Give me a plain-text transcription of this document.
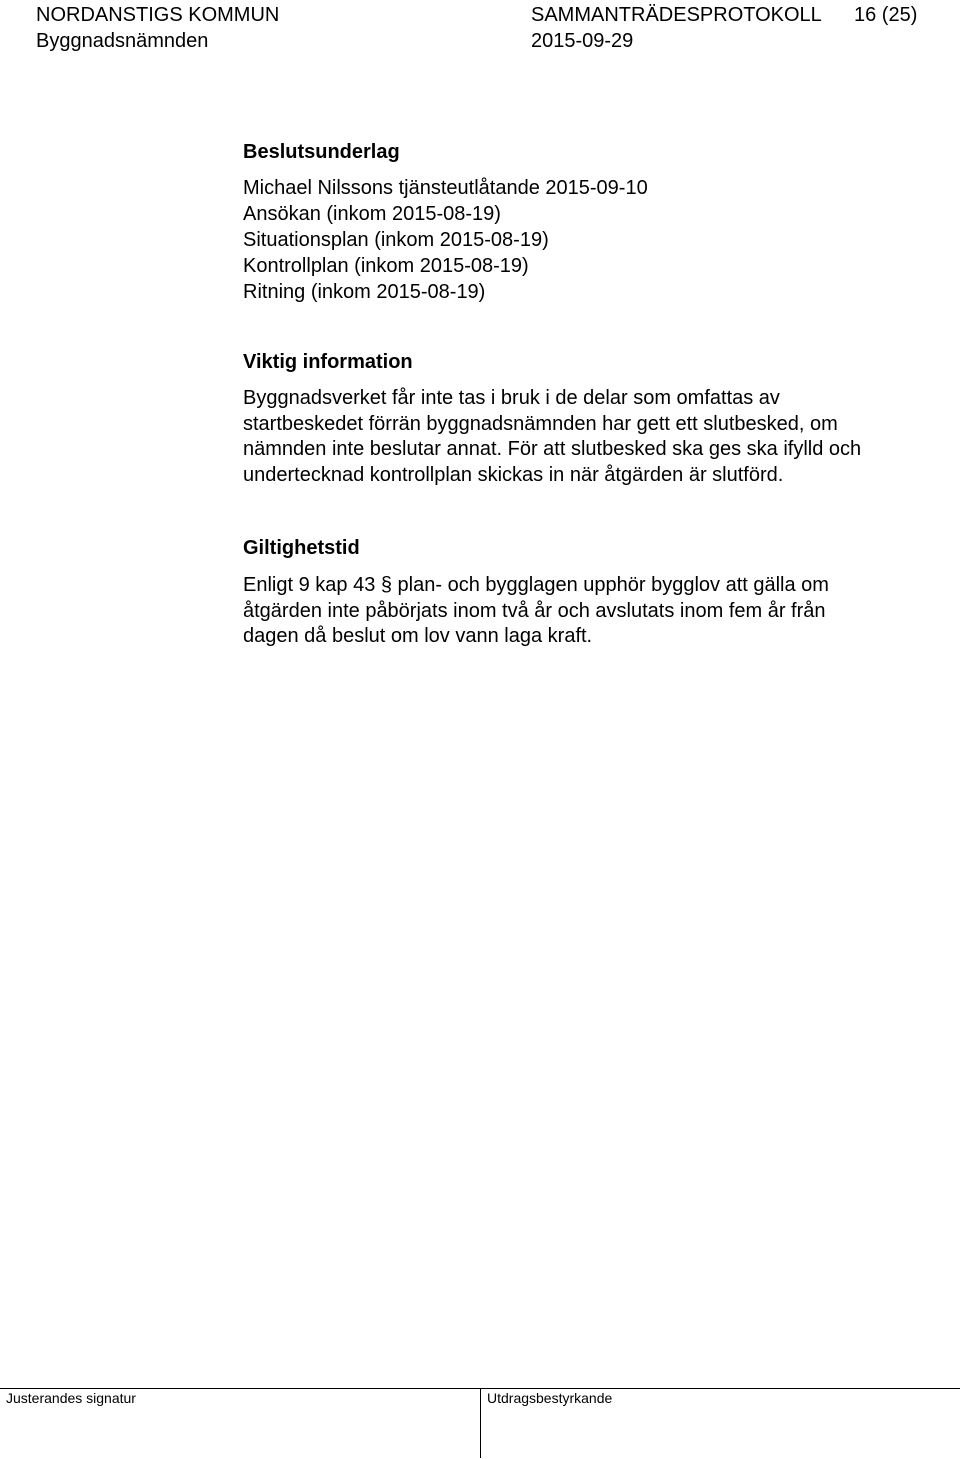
NORDANSTIGS KOMMUN
Byggnadsnämnden
SAMMANTRÄDESPROTOKOLL
2015-09-29
16 (25)
Beslutsunderlag
Michael Nilssons tjänsteutlåtande 2015-09-10
Ansökan (inkom 2015-08-19)
Situationsplan (inkom 2015-08-19)
Kontrollplan (inkom 2015-08-19)
Ritning (inkom 2015-08-19)
Viktig information

Byggnadsverket får inte tas i bruk i de delar som omfattas av
startbeskedet förrän byggnadsnämnden har gett ett slutbesked, om
nämnden inte beslutar annat. För att slutbesked ska ges ska ifylld och
undertecknad kontrollplan skickas in när åtgärden är slutförd.

Giltighetstid

Enligt 9 kap 43 § plan- och bygglagen upphör bygglov att gälla om
åtgärden inte påbörjats inom två år och avslutats inom fem år från
dagen då beslut om lov vann laga kraft.

Justerandes signatur	Utdragsbestyrkande
